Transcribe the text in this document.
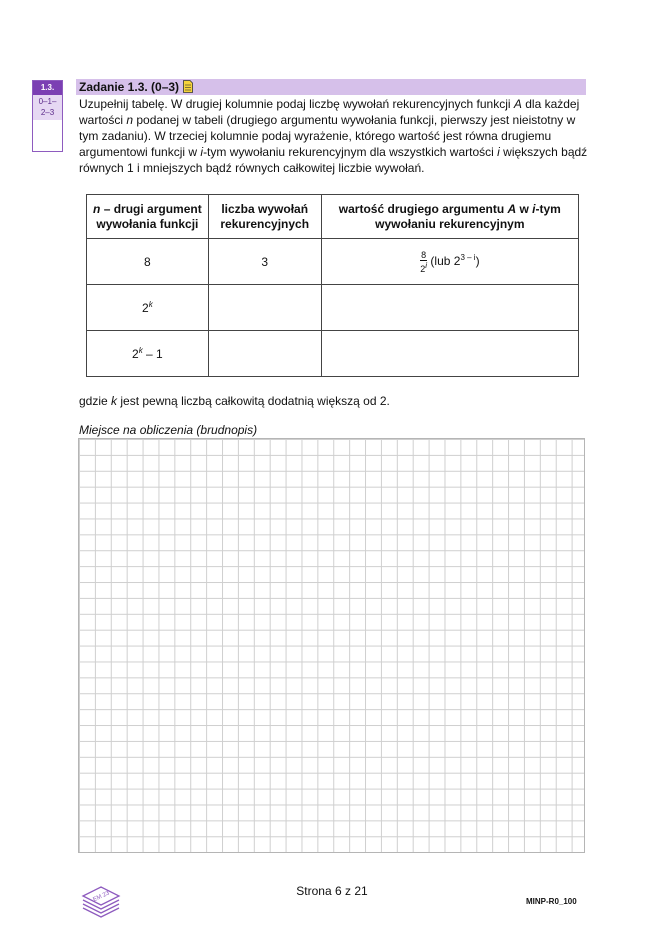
1.3.
0–1–
2–3
Zadanie 1.3. (0–3)
Uzupełnij tabelę. W drugiej kolumnie podaj liczbę wywołań rekurencyjnych funkcji A dla każdej wartości n podanej w tabeli (drugiego argumentu wywołania funkcji, pierwszy jest nieistotny w tym zadaniu). W trzeciej kolumnie podaj wyrażenie, którego wartość jest równa drugiemu argumentowi funkcji w i-tym wywołaniu rekurencyjnym dla wszystkich wartości i większych bądź równych 1 i mniejszych bądź równych całkowitej liczbie wywołań.
n – drugi argument wywołania funkcji	liczba wywołań rekurencyjnych	wartość drugiego argumentu A w i-tym wywołaniu rekurencyjnym
8	3	$\frac{8}{2^i} (lub$ 2$^{3 - i}$)
2$^k$		
2$^k$ – 1		
gdzie k jest pewną liczbą całkowitą dodatnią większą od 2.
Miejsce na obliczenia (brudnopis)
EM 23	Strona 6 z 21
MINP-R0_100
